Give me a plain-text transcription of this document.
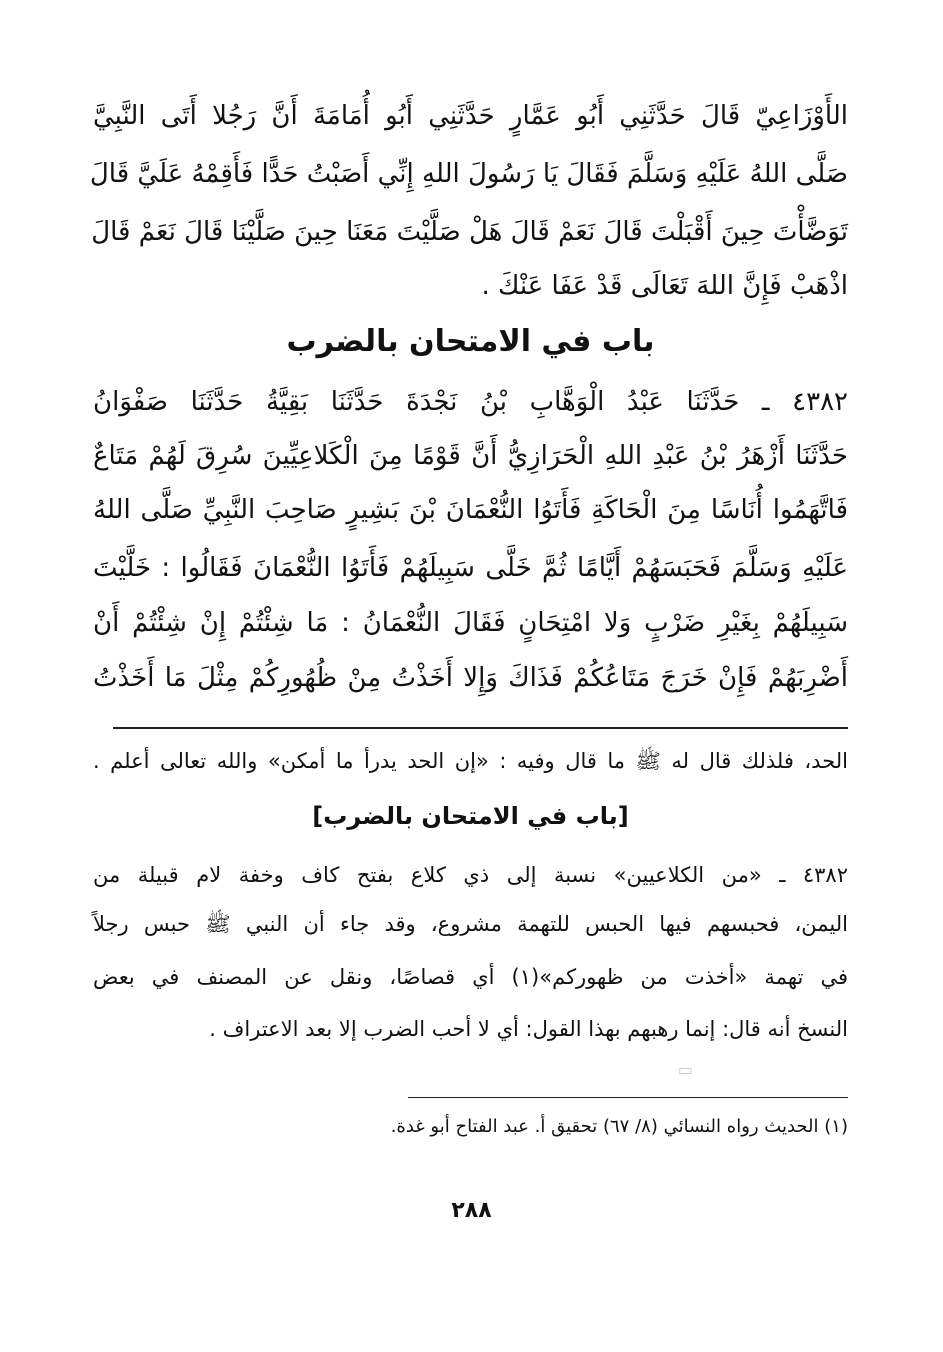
الأَوْزَاعِيّ قَالَ حَدَّثَنِي أَبُو عَمَّارٍ حَدَّثَنِي أَبُو أُمَامَةَ أَنَّ رَجُلا أَتَى النَّبِيَّ
صَلَّى اللهُ عَلَيْهِ وَسَلَّمَ فَقَالَ يَا رَسُولَ اللهِ إِنِّي أَصَبْتُ حَدًّا فَأَقِمْهُ عَلَيَّ قَالَ
تَوَضَّأْتَ حِينَ أَقْبَلْتَ قَالَ نَعَمْ قَالَ هَلْ صَلَّيْتَ مَعَنَا حِينَ صَلَّيْنَا قَالَ نَعَمْ قَالَ
اذْهَبْ فَإِنَّ اللهَ تَعَالَى قَدْ عَفَا عَنْكَ .
باب في الامتحان بالضرب
٤٣٨٢ ـ حَدَّثَنَا عَبْدُ الْوَهَّابِ بْنُ نَجْدَةَ حَدَّثَنَا بَقِيَّةُ حَدَّثَنَا صَفْوَانُ
حَدَّثَنَا أَزْهَرُ بْنُ عَبْدِ اللهِ الْحَرَازِيُّ أَنَّ قَوْمًا مِنَ الْكَلاعِيِّينَ سُرِقَ لَهُمْ مَتَاعٌ
فَاتَّهَمُوا أُنَاسًا مِنَ الْحَاكَةِ فَأَتَوُا النُّعْمَانَ بْنَ بَشِيرٍ صَاحِبَ النَّبِيِّ صَلَّى اللهُ
عَلَيْهِ وَسَلَّمَ فَحَبَسَهُمْ أَيَّامًا ثُمَّ خَلَّى سَبِيلَهُمْ فَأَتَوُا النُّعْمَانَ فَقَالُوا : خَلَّيْتَ
سَبِيلَهُمْ بِغَيْرِ ضَرْبٍ وَلا امْتِحَانٍ فَقَالَ النُّعْمَانُ : مَا شِئْتُمْ إِنْ شِئْتُمْ أَنْ
أَضْرِبَهُمْ فَإِنْ خَرَجَ مَتَاعُكُمْ فَذَاكَ وَإِلا أَخَذْتُ مِنْ ظُهُورِكُمْ مِثْلَ مَا أَخَذْتُ
الحد، فلذلك قال له ﷺ ما قال وفيه : «إن الحد يدرأ ما أمكن» والله تعالى أعلم .
[باب في الامتحان بالضرب]
٤٣٨٢ ـ «من الكلاعيين» نسبة إلى ذي كلاع بفتح كاف وخفة لام قبيلة من
اليمن، فحبسهم فيها الحبس للتهمة مشروع، وقد جاء أن النبي ﷺ حبس رجلاً
في تهمة «أخذت من ظهوركم»(١) أي قصاصًا، ونقل عن المصنف في بعض
النسخ أنه قال: إنما رهبهم بهذا القول: أي لا أحب الضرب إلا بعد الاعتراف .
▭
(١) الحديث رواه النسائي (٨/ ٦٧) تحقيق أ. عبد الفتاح أبو غدة.
٢٨٨
